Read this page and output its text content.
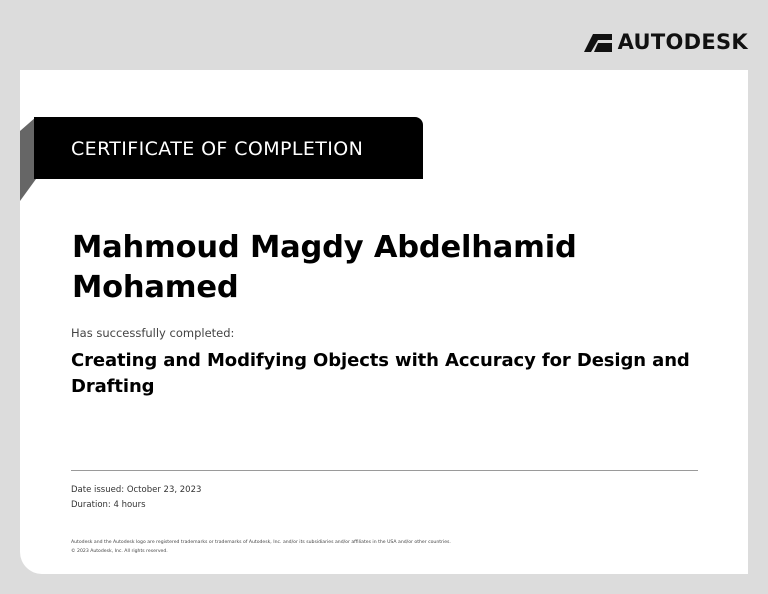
AUTODESK
CERTIFICATE OF COMPLETION
Mahmoud Magdy Abdelhamid Mohamed
Has successfully completed:
Creating and Modifying Objects with Accuracy for Design and Drafting
Date issued: October 23, 2023
Duration: 4 hours
Autodesk and the Autodesk logo are registered trademarks or trademarks of Autodesk, Inc. and/or its subsidiaries and/or affiliates in the USA and/or other countries.
© 2023 Autodesk, Inc. All rights reserved.
